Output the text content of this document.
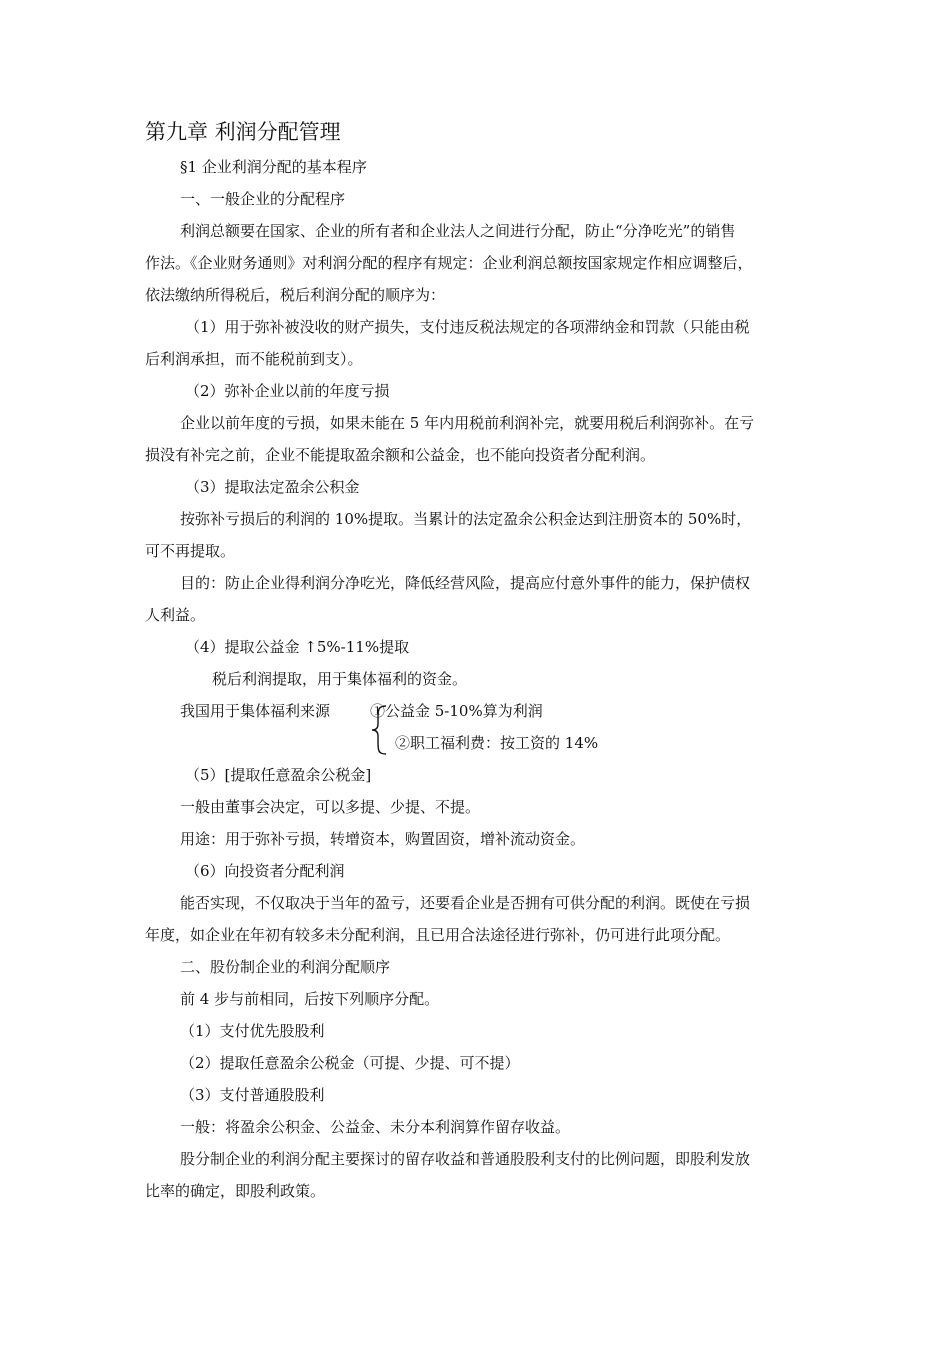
第九章 利润分配管理
§1 企业利润分配的基本程序
一、一般企业的分配程序
利润总额要在国家、企业的所有者和企业法人之间进行分配，防止“分净吃光”的销售
作法。《企业财务通则》对利润分配的程序有规定：企业利润总额按国家规定作相应调整后，
依法缴纳所得税后，税后利润分配的顺序为：
（1）用于弥补被没收的财产损失，支付违反税法规定的各项滞纳金和罚款（只能由税
后利润承担，而不能税前到支）。
（2）弥补企业以前的年度亏损
企业以前年度的亏损，如果未能在 5 年内用税前利润补完，就要用税后利润弥补。在亏
损没有补完之前，企业不能提取盈余额和公益金，也不能向投资者分配利润。
（3）提取法定盈余公积金
按弥补亏损后的利润的 10%提取。当累计的法定盈余公积金达到注册资本的 50%时，
可不再提取。
目的：防止企业得利润分净吃光，降低经营风险，提高应付意外事件的能力，保护债权
人利益。
（4）提取公益金 ↑5%-11%提取
税后利润提取，用于集体福利的资金。
我国用于集体福利来源	①公益金 5-10%算为利润
②职工福利费：按工资的 14%
（5）[提取任意盈余公税金]
一般由董事会决定，可以多提、少提、不提。
用途：用于弥补亏损，转增资本，购置固资，增补流动资金。
（6）向投资者分配利润
能否实现，不仅取决于当年的盈亏，还要看企业是否拥有可供分配的利润。既使在亏损
年度，如企业在年初有较多未分配利润，且已用合法途径进行弥补，仍可进行此项分配。
二、股份制企业的利润分配顺序
前 4 步与前相同，后按下列顺序分配。
（1）支付优先股股利
（2）提取任意盈余公税金（可提、少提、可不提）
（3）支付普通股股利
一般：将盈余公积金、公益金、未分本利润算作留存收益。
股分制企业的利润分配主要探讨的留存收益和普通股股利支付的比例问题，即股利发放
比率的确定，即股利政策。
